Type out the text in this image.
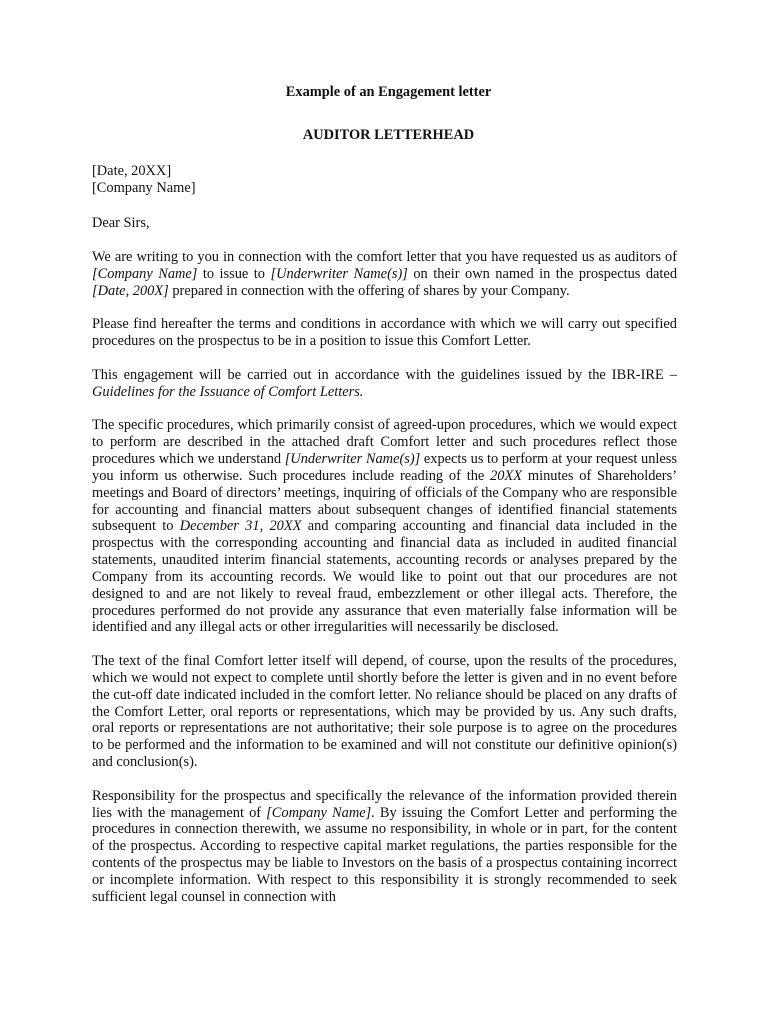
Example of an Engagement letter
AUDITOR LETTERHEAD
[Date, 20XX]
[Company Name]
Dear Sirs,

We are writing to you in connection with the comfort letter that you have requested us as auditors of [Company Name] to issue to [Underwriter Name(s)] on their own named in the prospectus dated [Date, 200X] prepared in connection with the offering of shares by your Company.

Please find hereafter the terms and conditions in accordance with which we will carry out specified procedures on the prospectus to be in a position to issue this Comfort Letter.

This engagement will be carried out in accordance with the guidelines issued by the IBR-IRE – Guidelines for the Issuance of Comfort Letters.

The specific procedures, which primarily consist of agreed-upon procedures, which we would expect to perform are described in the attached draft Comfort letter and such procedures reflect those procedures which we understand [Underwriter Name(s)] expects us to perform at your request unless you inform us otherwise. Such procedures include reading of the 20XX minutes of Shareholders’ meetings and Board of directors’ meetings, inquiring of officials of the Company who are responsible for accounting and financial matters about subsequent changes of identified financial statements subsequent to December 31, 20XX and comparing accounting and financial data included in the prospectus with the corresponding accounting and financial data as included in audited financial statements, unaudited interim financial statements, accounting records or analyses prepared by the Company from its accounting records. We would like to point out that our procedures are not designed to and are not likely to reveal fraud, embezzlement or other illegal acts. Therefore, the procedures performed do not provide any assurance that even materially false information will be identified and any illegal acts or other irregularities will necessarily be disclosed.

The text of the final Comfort letter itself will depend, of course, upon the results of the procedures, which we would not expect to complete until shortly before the letter is given and in no event before the cut-off date indicated included in the comfort letter. No reliance should be placed on any drafts of the Comfort Letter, oral reports or representations, which may be provided by us. Any such drafts, oral reports or representations are not authoritative; their sole purpose is to agree on the procedures to be performed and the information to be examined and will not constitute our definitive opinion(s) and conclusion(s).

Responsibility for the prospectus and specifically the relevance of the information provided therein lies with the management of [Company Name]. By issuing the Comfort Letter and performing the procedures in connection therewith, we assume no responsibility, in whole or in part, for the content of the prospectus. According to respective capital market regulations, the parties responsible for the contents of the prospectus may be liable to Investors on the basis of a prospectus containing incorrect or incomplete information. With respect to this responsibility it is strongly recommended to seek sufficient legal counsel in connection with
